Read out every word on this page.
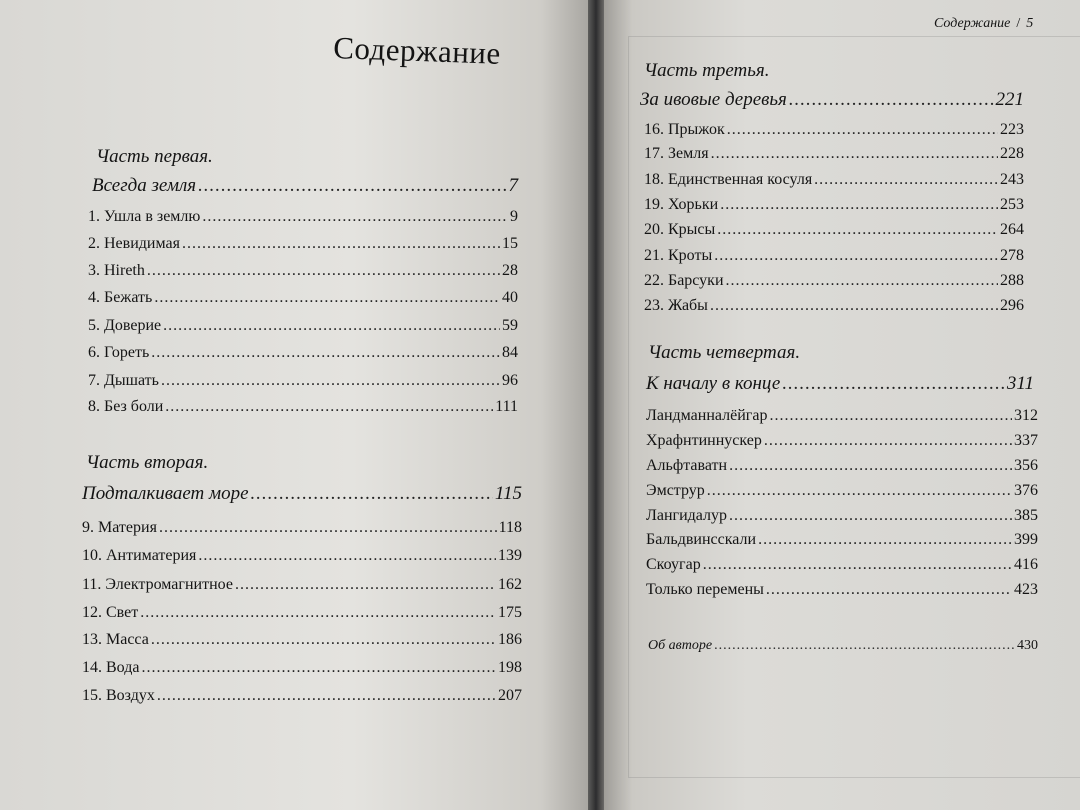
Содержание
Часть первая.
Всегда земля .....	7
1. Ушла в землю .....	9
2. Невидимая .....	15
3. Hireth .....	28
4. Бежать .....	40
5. Доверие .....	59
6. Гореть .....	84
7. Дышать .....	96
8. Без боли .....	111
Часть вторая.
Подталкивает море .....	115
9. Материя .....	118
10. Антиматерия .....	139
11. Электромагнитное .....	162
12. Свет .....	175
13. Масса .....	186
14. Вода .....	198
15. Воздух .....	207
Содержание / 5
Часть третья.
За ивовые деревья .....	221
16. Прыжок .....	223
17. Земля .....	228
18. Единственная косуля .....	243
19. Хорьки .....	253
20. Крысы .....	264
21. Кроты .....	278
22. Барсуки .....	288
23. Жабы .....	296
Часть четвертая.
К началу в конце .....	311
Ландманналёйгар .....	312
Храфнтиннускер .....	337
Альфтаватн .....	356
Эмструр .....	376
Лангидалур .....	385
Бальдвинсскали .....	399
Скоугар .....	416
Только перемены .....	423
Об авторе .....	430
